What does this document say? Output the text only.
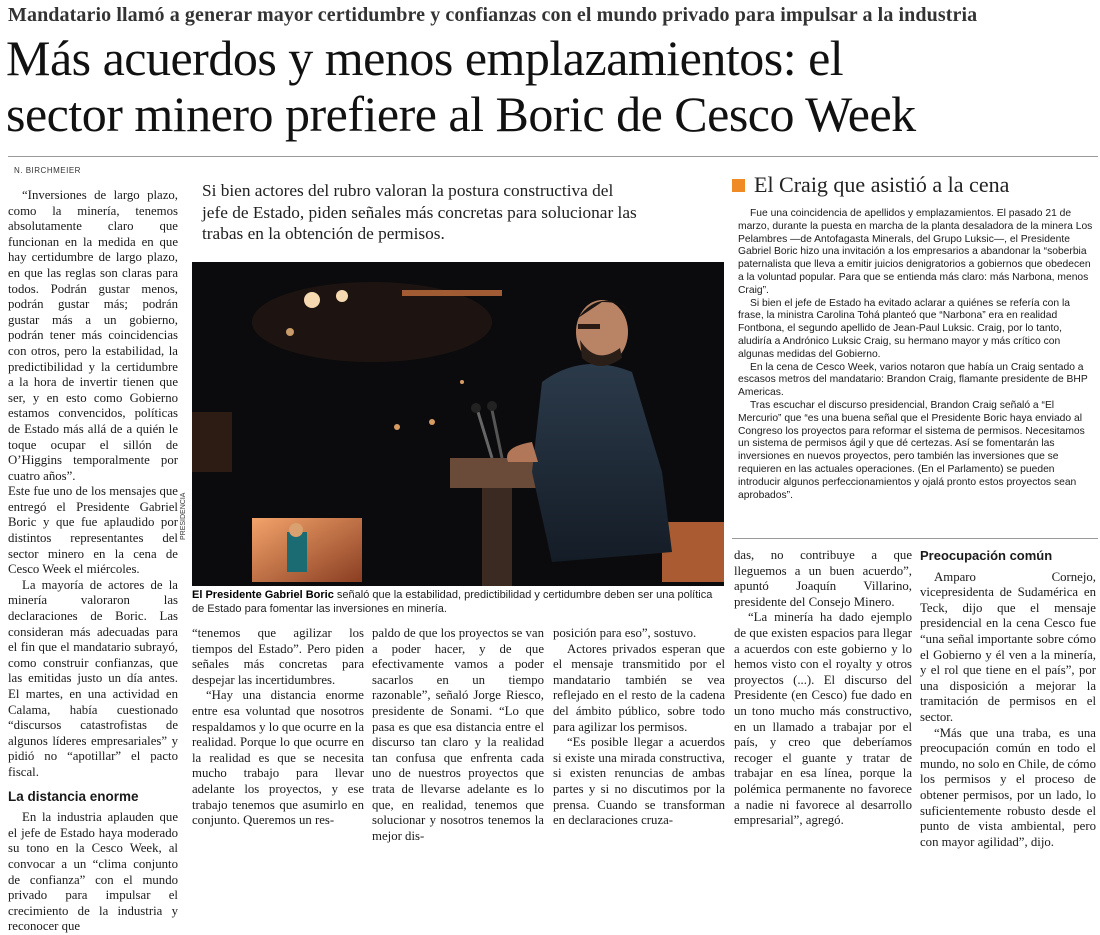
Mandatario llamó a generar mayor certidumbre y confianzas con el mundo privado para impulsar a la industria
Más acuerdos y menos emplazamientos: el
sector minero prefiere al Boric de Cesco Week
N. BIRCHMEIER

“Inversiones de largo plazo, como la minería, tenemos absolutamente claro que funcionan en la medida en que hay certidumbre de largo plazo, en que las reglas son claras para todos. Podrán gustar menos, podrán gustar más; podrán gustar más a un gobierno, podrán tener más coincidencias con otros, pero la estabilidad, la predictibilidad y la certidumbre a la hora de invertir tienen que ser, y en esto como Gobierno estamos convencidos, políticas de Estado más allá de a quién le toque ocupar el sillón de O’Higgins temporalmente por cuatro años”.

Este fue uno de los mensajes que entregó el Presidente Gabriel Boric y que fue aplaudido por distintos representantes del sector minero en la cena de Cesco Week el miércoles.

La mayoría de actores de la minería valoraron las declaraciones de Boric. Las consideran más adecuadas para el fin que el mandatario subrayó, como construir confianzas, que las emitidas justo un día antes. El martes, en una actividad en Calama, había cuestionado “discursos catastrofistas de algunos líderes empresariales” y pidió no “apotillar” el pacto fiscal.

La distancia enorme

En la industria aplauden que el jefe de Estado haya moderado su tono en la Cesco Week, al convocar a un “clima conjunto de confianza” con el mundo privado para impulsar el crecimiento de la industria y reconocer que

Si bien actores del rubro valoran la postura constructiva del jefe de Estado, piden señales más concretas para solucionar las trabas en la obtención de permisos.
PRESIDENCIA
El Presidente Gabriel Boric señaló que la estabilidad, predictibilidad y certidumbre deben ser una política de Estado para fomentar las inversiones en minería.

“tenemos que agilizar los tiempos del Estado”. Pero piden señales más concretas para despejar las incertidumbres.

“Hay una distancia enorme entre esa voluntad que nosotros respaldamos y lo que ocurre en la realidad. Porque lo que ocurre en la realidad es que se necesita mucho trabajo para llevar adelante los proyectos, y ese trabajo tenemos que asumirlo en conjunto. Queremos un res-

paldo de que los proyectos se van a poder hacer, y de que efectivamente vamos a poder sacarlos en un tiempo razonable”, señaló Jorge Riesco, presidente de Sonami. “Lo que pasa es que esa distancia entre el discurso tan claro y la realidad tan confusa que enfrenta cada uno de nuestros proyectos que trata de llevarse adelante es lo que, en realidad, tenemos que solucionar y nosotros tenemos la mejor dis-

posición para eso”, sostuvo.

Actores privados esperan que el mensaje transmitido por el mandatario también se vea reflejado en el resto de la cadena del ámbito público, sobre todo para agilizar los permisos.

“Es posible llegar a acuerdos si existe una mirada constructiva, si existen renuncias de ambas partes y si no discutimos por la prensa. Cuando se transforman en declaraciones cruza-

El Craig que asistió a la cena

Fue una coincidencia de apellidos y emplazamientos. El pasado 21 de marzo, durante la puesta en marcha de la planta desaladora de la minera Los Pelambres —de Antofagasta Minerals, del Grupo Luksic—, el Presidente Gabriel Boric hizo una invitación a los empresarios a abandonar la “soberbia paternalista que lleva a emitir juicios denigratorios a gobiernos que obedecen a la voluntad popular. Para que se entienda más claro: más Narbona, menos Craig”.

Si bien el jefe de Estado ha evitado aclarar a quiénes se refería con la frase, la ministra Carolina Tohá planteó que “Narbona” era en realidad Fontbona, el segundo apellido de Jean-Paul Luksic. Craig, por lo tanto, aludiría a Andrónico Luksic Craig, su hermano mayor y más crítico con algunas medidas del Gobierno.

En la cena de Cesco Week, varios notaron que había un Craig sentado a escasos metros del mandatario: Brandon Craig, flamante presidente de BHP Americas.

Tras escuchar el discurso presidencial, Brandon Craig señaló a “El Mercurio” que “es una buena señal que el Presidente Boric haya enviado al Congreso los proyectos para reformar el sistema de permisos. Necesitamos un sistema de permisos ágil y que dé certezas. Así se fomentarán las inversiones en nuevos proyectos, pero también las inversiones que se requieren en las actuales operaciones. (En el Parlamento) se pueden introducir algunos perfeccionamientos y ojalá pronto estos proyectos sean aprobados”.

das, no contribuye a que lleguemos a un buen acuerdo”, apuntó Joaquín Villarino, presidente del Consejo Minero.

“La minería ha dado ejemplo de que existen espacios para llegar a acuerdos con este gobierno y lo hemos visto con el royalty y otros proyectos (...). El discurso del Presidente (en Cesco) fue dado en un tono mucho más constructivo, en un llamado a trabajar por el país, y creo que deberíamos recoger el guante y tratar de trabajar en esa línea, porque la polémica permanente no favorece a nadie ni favorece al desarrollo empresarial”, agregó.

Preocupación común

Amparo Cornejo, vicepresidenta de Sudamérica en Teck, dijo que el mensaje presidencial en la cena Cesco fue “una señal importante sobre cómo el Gobierno y él ven a la minería, y el rol que tiene en el país”, por una disposición a mejorar la tramitación de permisos en el sector.

“Más que una traba, es una preocupación común en todo el mundo, no solo en Chile, de cómo los permisos y el proceso de obtener permisos, por un lado, lo suficientemente robusto desde el punto de vista ambiental, pero con mayor agilidad”, dijo.
